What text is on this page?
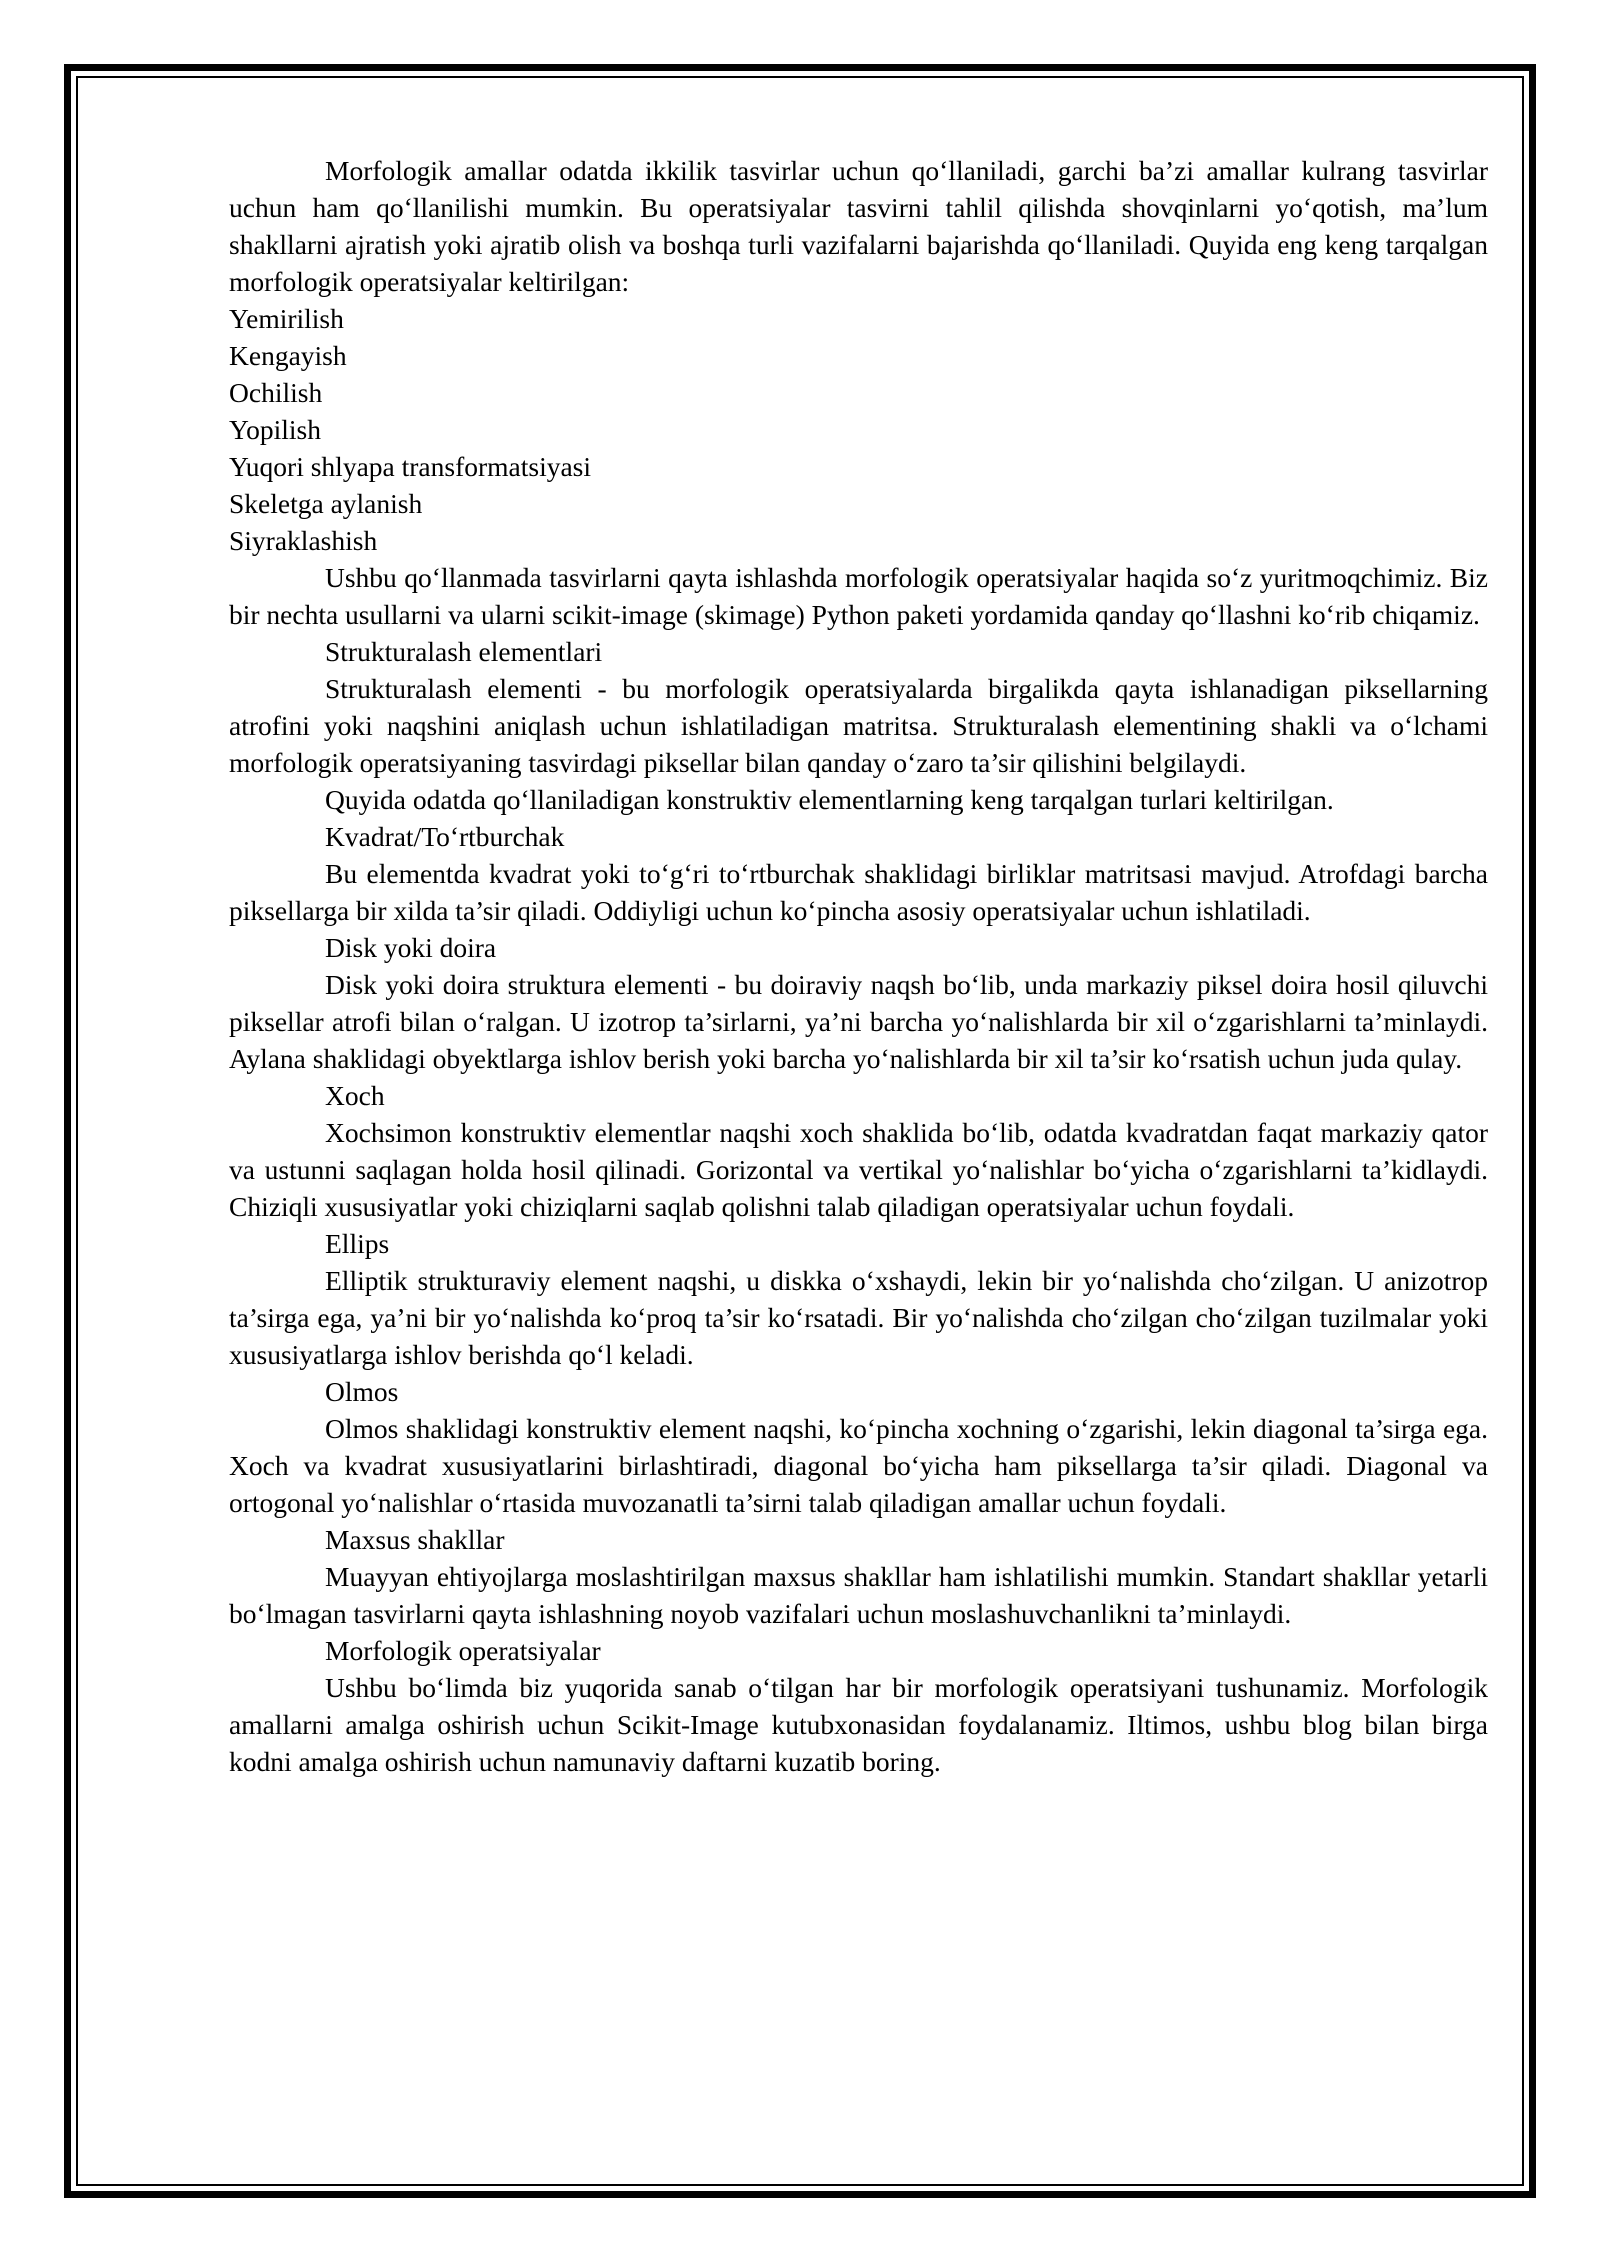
Morfologik amallar odatda ikkilik tasvirlar uchun qo‘llaniladi, garchi ba’zi amallar kulrang tasvirlar uchun ham qo‘llanilishi mumkin. Bu operatsiyalar tasvirni tahlil qilishda shovqinlarni yo‘qotish, ma’lum shakllarni ajratish yoki ajratib olish va boshqa turli vazifalarni bajarishda qo‘llaniladi. Quyida eng keng tarqalgan morfologik operatsiyalar keltirilgan:

Yemirilish

Kengayish

Ochilish

Yopilish

Yuqori shlyapa transformatsiyasi

Skeletga aylanish

Siyraklashish

Ushbu qo‘llanmada tasvirlarni qayta ishlashda morfologik operatsiyalar haqida so‘z yuritmoqchimiz. Biz bir nechta usullarni va ularni scikit-image (skimage) Python paketi yordamida qanday qo‘llashni ko‘rib chiqamiz.

Strukturalash elementlari

Strukturalash elementi - bu morfologik operatsiyalarda birgalikda qayta ishlanadigan piksellarning atrofini yoki naqshini aniqlash uchun ishlatiladigan matritsa. Strukturalash elementining shakli va o‘lchami morfologik operatsiyaning tasvirdagi piksellar bilan qanday o‘zaro ta’sir qilishini belgilaydi.

Quyida odatda qo‘llaniladigan konstruktiv elementlarning keng tarqalgan turlari keltirilgan.

Kvadrat/To‘rtburchak

Bu elementda kvadrat yoki to‘g‘ri to‘rtburchak shaklidagi birliklar matritsasi mavjud. Atrofdagi barcha piksellarga bir xilda ta’sir qiladi. Oddiyligi uchun ko‘pincha asosiy operatsiyalar uchun ishlatiladi.

Disk yoki doira

Disk yoki doira struktura elementi - bu doiraviy naqsh bo‘lib, unda markaziy piksel doira hosil qiluvchi piksellar atrofi bilan o‘ralgan. U izotrop ta’sirlarni, ya’ni barcha yo‘nalishlarda bir xil o‘zgarishlarni ta’minlaydi. Aylana shaklidagi obyektlarga ishlov berish yoki barcha yo‘nalishlarda bir xil ta’sir ko‘rsatish uchun juda qulay.

Xoch

Xochsimon konstruktiv elementlar naqshi xoch shaklida bo‘lib, odatda kvadratdan faqat markaziy qator va ustunni saqlagan holda hosil qilinadi. Gorizontal va vertikal yo‘nalishlar bo‘yicha o‘zgarishlarni ta’kidlaydi. Chiziqli xususiyatlar yoki chiziqlarni saqlab qolishni talab qiladigan operatsiyalar uchun foydali.

Ellips

Elliptik strukturaviy element naqshi, u diskka o‘xshaydi, lekin bir yo‘nalishda cho‘zilgan. U anizotrop ta’sirga ega, ya’ni bir yo‘nalishda ko‘proq ta’sir ko‘rsatadi. Bir yo‘nalishda cho‘zilgan cho‘zilgan tuzilmalar yoki xususiyatlarga ishlov berishda qo‘l keladi.

Olmos

Olmos shaklidagi konstruktiv element naqshi, ko‘pincha xochning o‘zgarishi, lekin diagonal ta’sirga ega. Xoch va kvadrat xususiyatlarini birlashtiradi, diagonal bo‘yicha ham piksellarga ta’sir qiladi. Diagonal va ortogonal yo‘nalishlar o‘rtasida muvozanatli ta’sirni talab qiladigan amallar uchun foydali.

Maxsus shakllar

Muayyan ehtiyojlarga moslashtirilgan maxsus shakllar ham ishlatilishi mumkin. Standart shakllar yetarli bo‘lmagan tasvirlarni qayta ishlashning noyob vazifalari uchun moslashuvchanlikni ta’minlaydi.

Morfologik operatsiyalar

Ushbu bo‘limda biz yuqorida sanab o‘tilgan har bir morfologik operatsiyani tushunamiz. Morfologik amallarni amalga oshirish uchun Scikit-Image kutubxonasidan foydalanamiz. Iltimos, ushbu blog bilan birga kodni amalga oshirish uchun namunaviy daftarni kuzatib boring.
